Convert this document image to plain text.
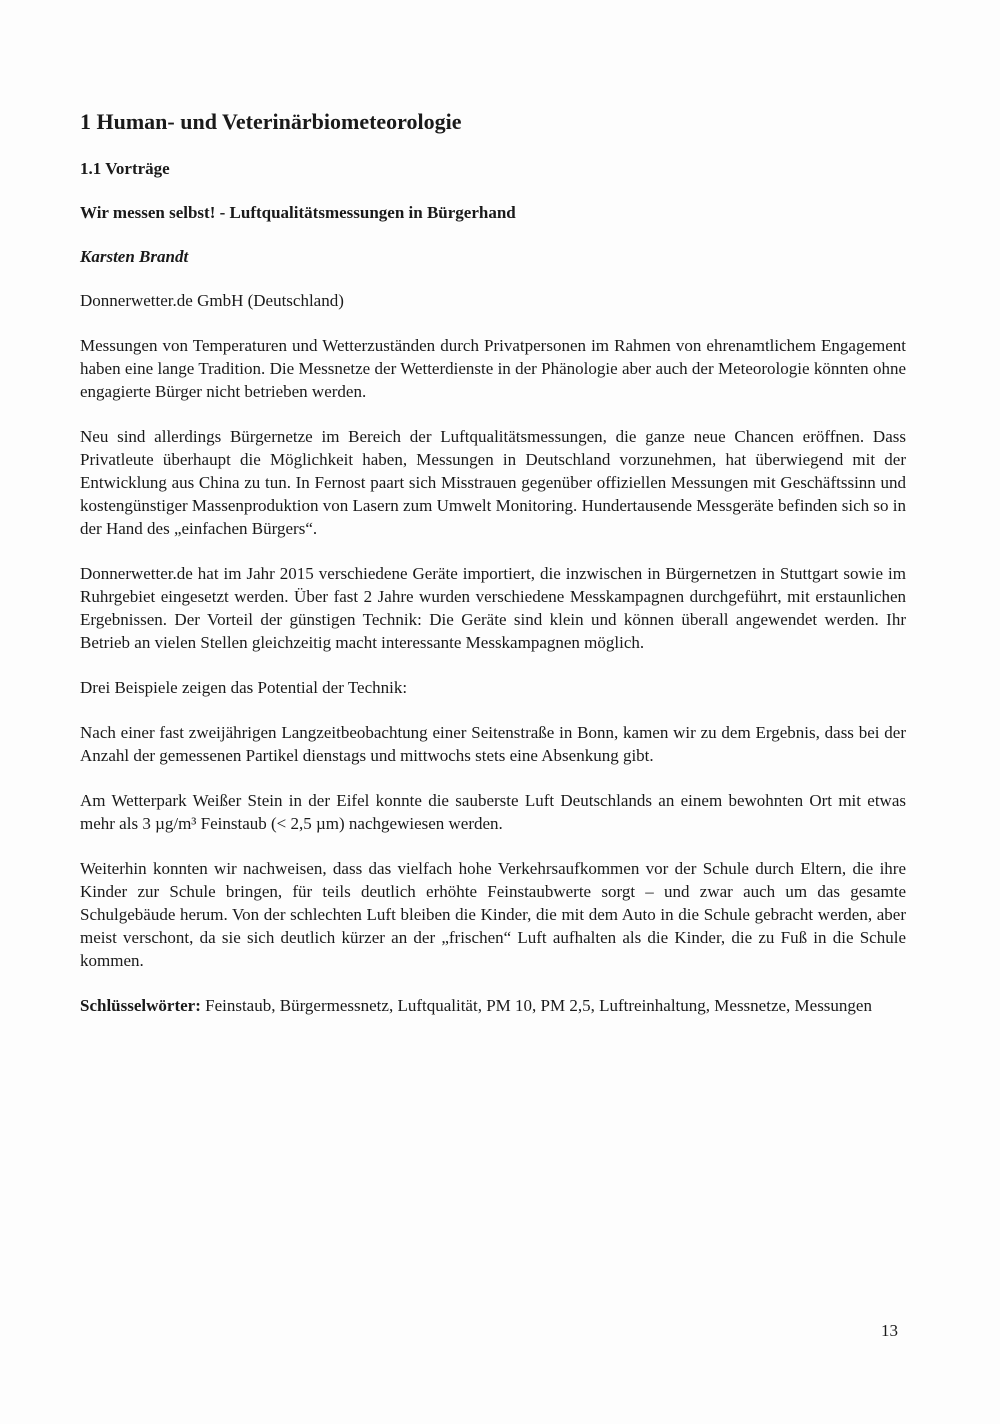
1 Human- und Veterinärbiometeorologie
1.1 Vorträge
Wir messen selbst! - Luftqualitätsmessungen in Bürgerhand
Karsten Brandt
Donnerwetter.de GmbH (Deutschland)

Messungen von Temperaturen und Wetterzuständen durch Privatpersonen im Rahmen von ehrenamtlichem Engagement haben eine lange Tradition. Die Messnetze der Wetterdienste in der Phänologie aber auch der Meteorologie könnten ohne engagierte Bürger nicht betrieben werden.

Neu sind allerdings Bürgernetze im Bereich der Luftqualitätsmessungen, die ganze neue Chancen eröffnen. Dass Privatleute überhaupt die Möglichkeit haben, Messungen in Deutschland vorzunehmen, hat überwiegend mit der Entwicklung aus China zu tun. In Fernost paart sich Misstrauen gegenüber offiziellen Messungen mit Geschäftssinn und kostengünstiger Massenproduktion von Lasern zum Umwelt Monitoring. Hundertausende Messgeräte befinden sich so in der Hand des „einfachen Bürgers“.

Donnerwetter.de hat im Jahr 2015 verschiedene Geräte importiert, die inzwischen in Bürgernetzen in Stuttgart sowie im Ruhrgebiet eingesetzt werden. Über fast 2 Jahre wurden verschiedene Messkampagnen durchgeführt, mit erstaunlichen Ergebnissen. Der Vorteil der günstigen Technik: Die Geräte sind klein und können überall angewendet werden. Ihr Betrieb an vielen Stellen gleichzeitig macht interessante Messkampagnen möglich.

Drei Beispiele zeigen das Potential der Technik:

Nach einer fast zweijährigen Langzeitbeobachtung einer Seitenstraße in Bonn, kamen wir zu dem Ergebnis, dass bei der Anzahl der gemessenen Partikel dienstags und mittwochs stets eine Absenkung gibt.

Am Wetterpark Weißer Stein in der Eifel konnte die sauberste Luft Deutschlands an einem bewohnten Ort mit etwas mehr als 3 µg/m³ Feinstaub (< 2,5 µm) nachgewiesen werden.

Weiterhin konnten wir nachweisen, dass das vielfach hohe Verkehrsaufkommen vor der Schule durch Eltern, die ihre Kinder zur Schule bringen, für teils deutlich erhöhte Feinstaubwerte sorgt – und zwar auch um das gesamte Schulgebäude herum. Von der schlechten Luft bleiben die Kinder, die mit dem Auto in die Schule gebracht werden, aber meist verschont, da sie sich deutlich kürzer an der „frischen“ Luft aufhalten als die Kinder, die zu Fuß in die Schule kommen.

Schlüsselwörter: Feinstaub, Bürgermessnetz, Luftqualität, PM 10, PM 2,5, Luftreinhaltung, Messnetze, Messungen

13
